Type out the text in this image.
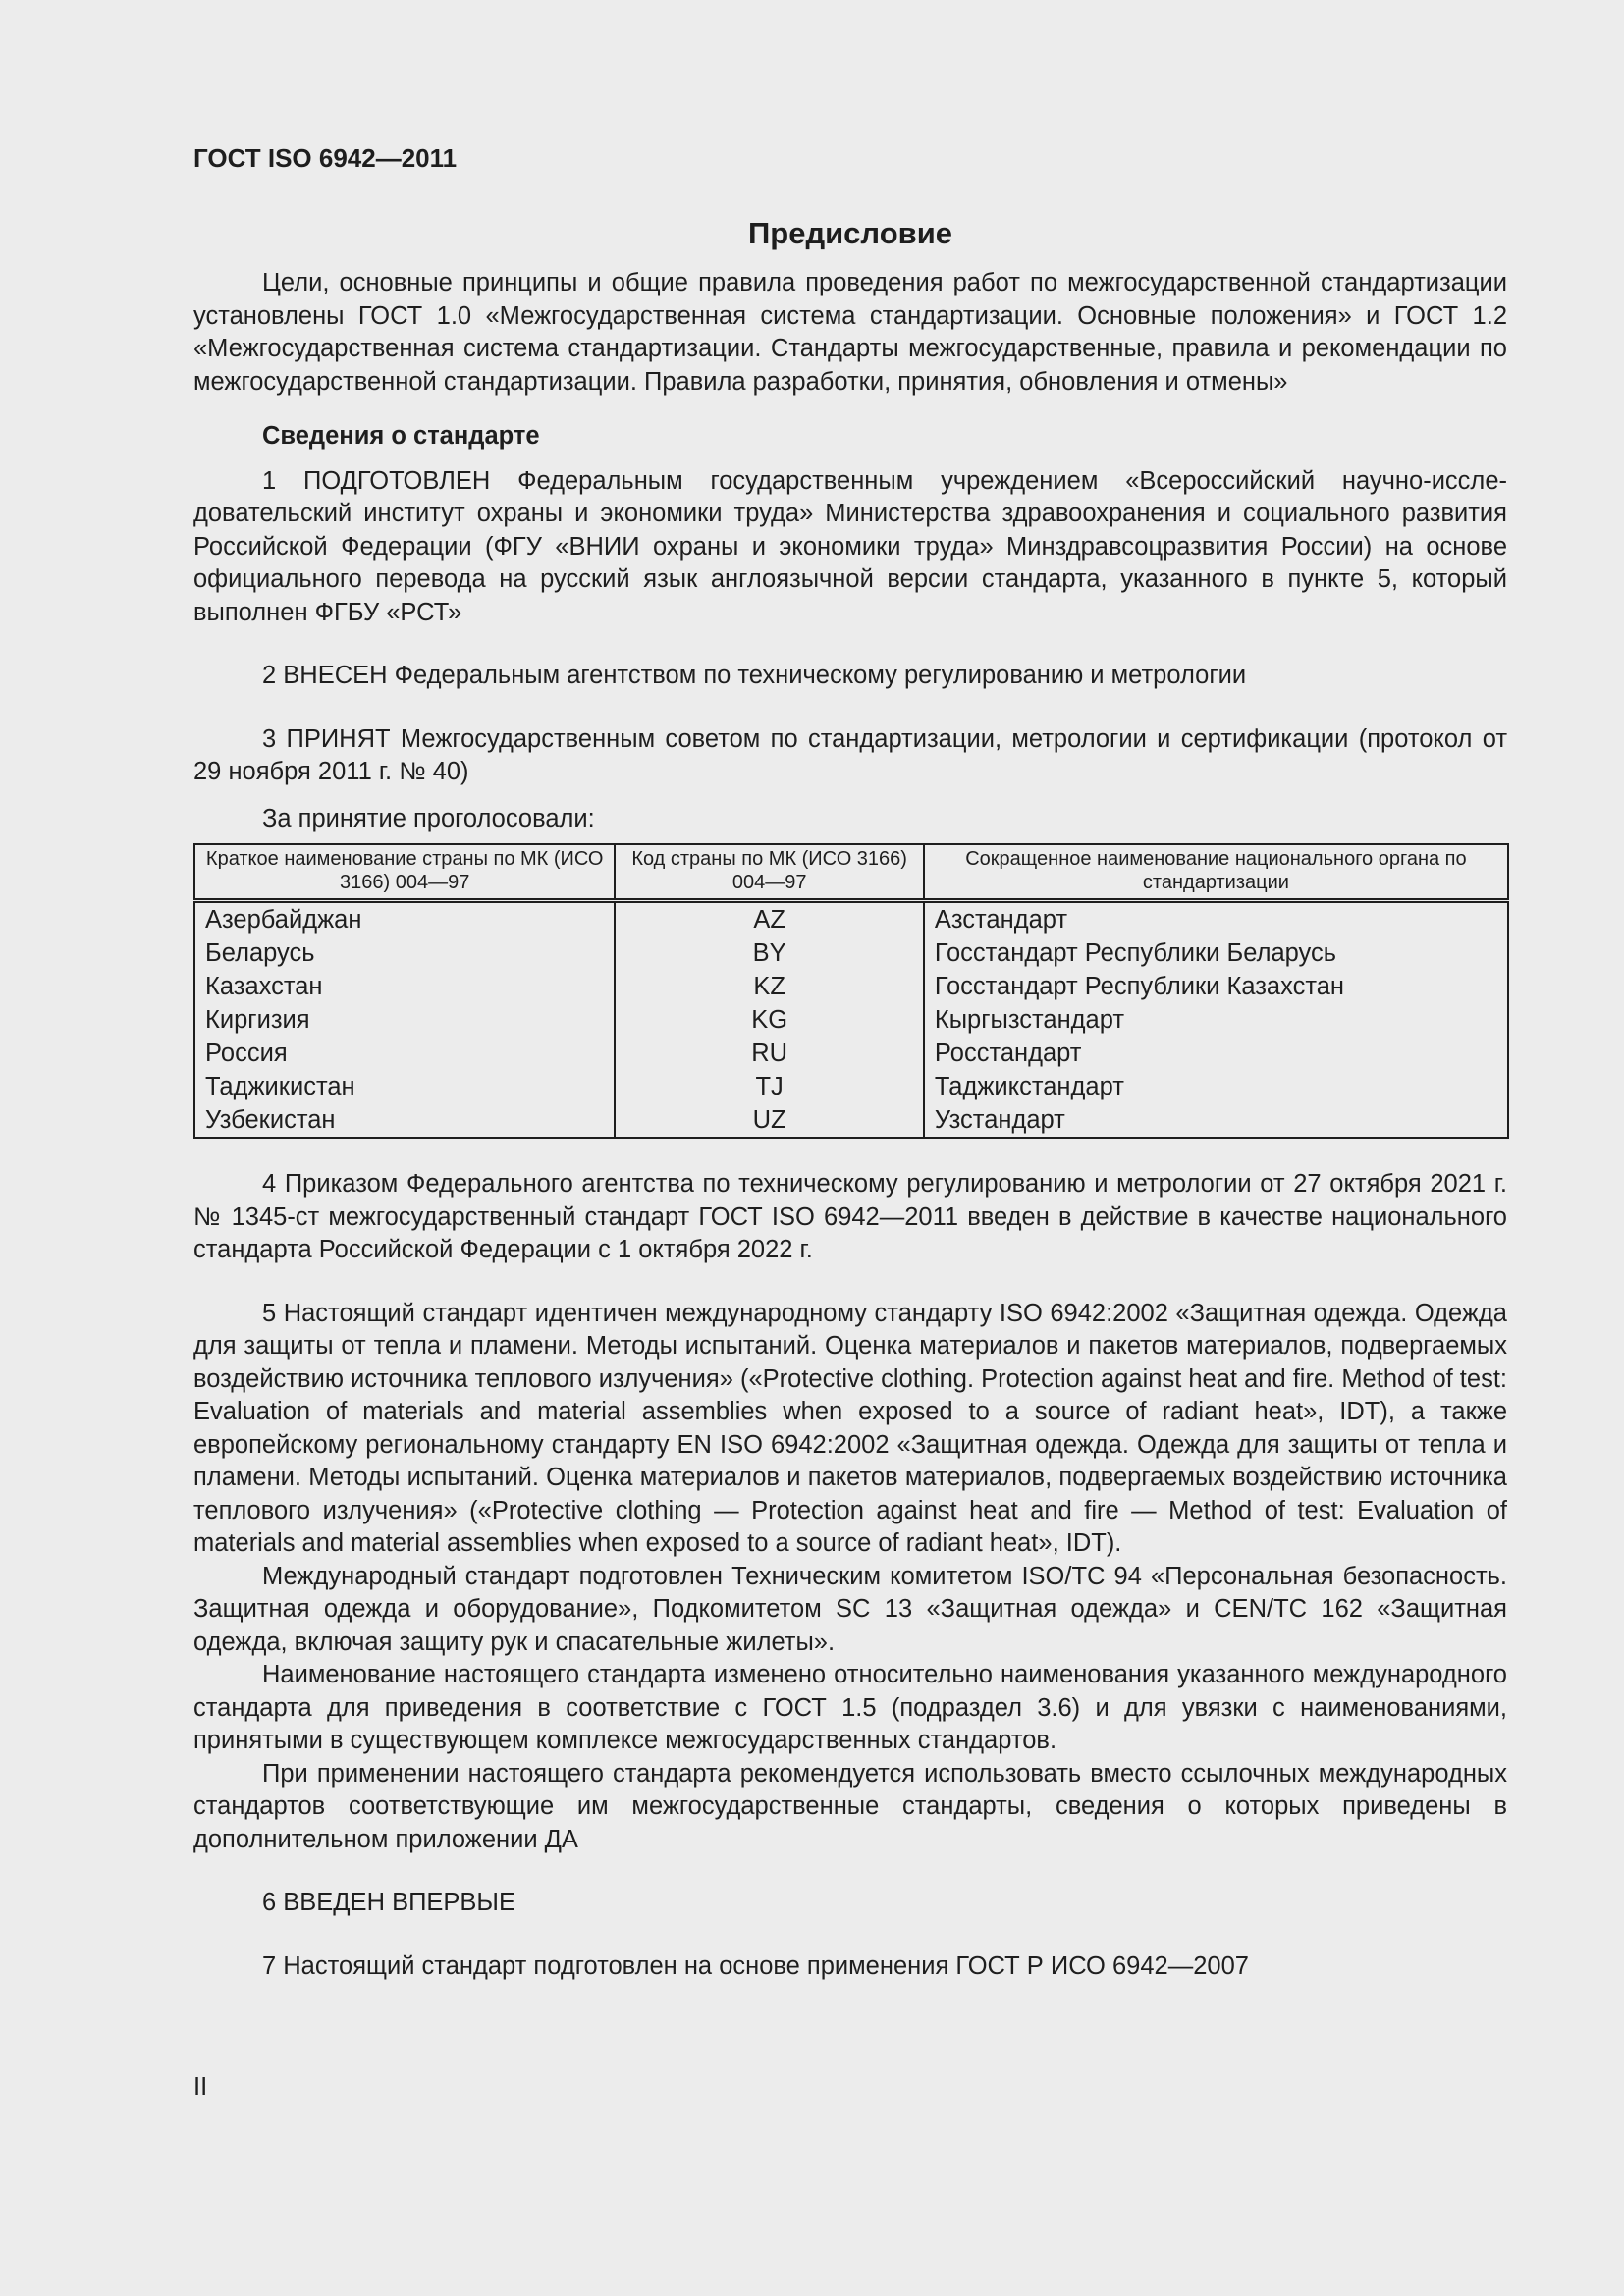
ГОСТ ISO 6942—2011
Предисловие

Цели, основные принципы и общие правила проведения работ по межгосударственной стандартизации установлены ГОСТ 1.0 «Межгосударственная система стандартизации. Основные положения» и ГОСТ 1.2 «Межгосударственная система стандартизации. Стандарты межгосударственные, правила и рекомендации по межгосударственной стандартизации. Правила разработки, принятия, обновления и отмены»

Сведения о стандарте

1 ПОДГОТОВЛЕН Федеральным государственным учреждением «Всероссийский научно-исследовательский институт охраны и экономики труда» Министерства здравоохранения и социального развития Российской Федерации (ФГУ «ВНИИ охраны и экономики труда» Минздравсоцразвития России) на основе официального перевода на русский язык англоязычной версии стандарта, указанного в пункте 5, который выполнен ФГБУ «РСТ»

2 ВНЕСЕН Федеральным агентством по техническому регулированию и метрологии

3 ПРИНЯТ Межгосударственным советом по стандартизации, метрологии и сертификации (протокол от 29 ноября 2011 г. № 40)

За принятие проголосовали:

Краткое наименование страны по МК (ИСО 3166) 004—97	Код страны по МК (ИСО 3166) 004—97	Сокращенное наименование национального органа по стандартизации
Азербайджан	AZ	Азстандарт
Беларусь	BY	Госстандарт Республики Беларусь
Казахстан	KZ	Госстандарт Республики Казахстан
Киргизия	KG	Кыргызстандарт
Россия	RU	Росстандарт
Таджикистан	TJ	Таджикстандарт
Узбекистан	UZ	Узстандарт

4 Приказом Федерального агентства по техническому регулированию и метрологии от 27 октября 2021 г. № 1345-ст межгосударственный стандарт ГОСТ ISO 6942—2011 введен в действие в качестве национального стандарта Российской Федерации с 1 октября 2022 г.

5 Настоящий стандарт идентичен международному стандарту ISO 6942:2002 «Защитная одежда. Одежда для защиты от тепла и пламени. Методы испытаний. Оценка материалов и пакетов материалов, подвергаемых воздействию источника теплового излучения» («Protective clothing. Protection against heat and fire. Method of test: Evaluation of materials and material assemblies when exposed to a source of radiant heat», IDT), а также европейскому региональному стандарту EN ISO 6942:2002 «Защитная одежда. Одежда для защиты от тепла и пламени. Методы испытаний. Оценка материалов и пакетов материалов, подвергаемых воздействию источника теплового излучения» («Protective clothing — Protection against heat and fire — Method of test: Evaluation of materials and material assemblies when exposed to a source of radiant heat», IDT).

Международный стандарт подготовлен Техническим комитетом ISO/TC 94 «Персональная безопасность. Защитная одежда и оборудование», Подкомитетом SC 13 «Защитная одежда» и CEN/TC 162 «Защитная одежда, включая защиту рук и спасательные жилеты».

Наименование настоящего стандарта изменено относительно наименования указанного международного стандарта для приведения в соответствие с ГОСТ 1.5 (подраздел 3.6) и для увязки с наименованиями, принятыми в существующем комплексе межгосударственных стандартов.

При применении настоящего стандарта рекомендуется использовать вместо ссылочных международных стандартов соответствующие им межгосударственные стандарты, сведения о которых приведены в дополнительном приложении ДА

6 ВВЕДЕН ВПЕРВЫЕ

7 Настоящий стандарт подготовлен на основе применения ГОСТ Р ИСО 6942—2007

II
